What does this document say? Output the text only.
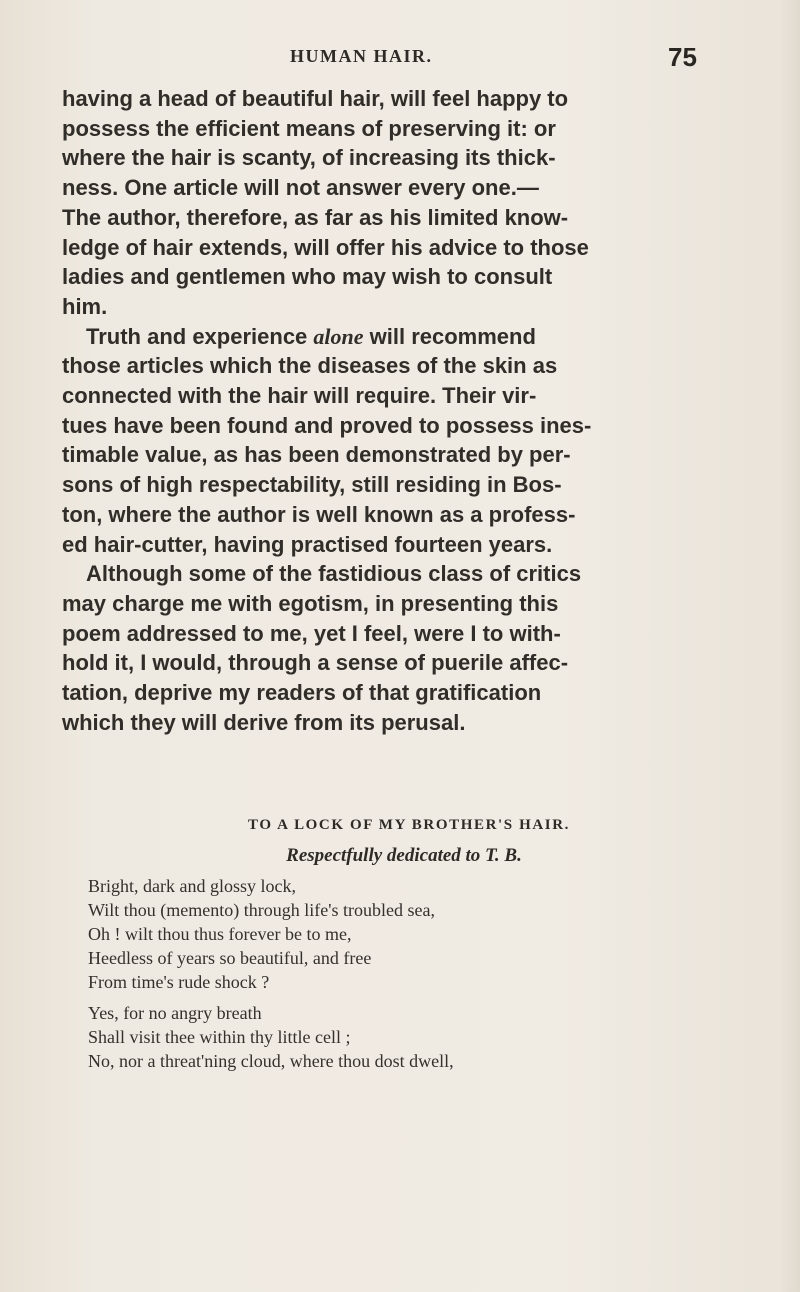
HUMAN HAIR.	75
having a head of beautiful hair, will feel happy to
possess the efficient means of preserving it: or
where the hair is scanty, of increasing its thick-
ness. One article will not answer every one.—
The author, therefore, as far as his limited know-
ledge of hair extends, will offer his advice to those
ladies and gentlemen who may wish to consult
him.
Truth and experience alone will recommend
those articles which the diseases of the skin as
connected with the hair will require. Their vir-
tues have been found and proved to possess ines-
timable value, as has been demonstrated by per-
sons of high respectability, still residing in Bos-
ton, where the author is well known as a profess-
ed hair-cutter, having practised fourteen years.
Although some of the fastidious class of critics
may charge me with egotism, in presenting this
poem addressed to me, yet I feel, were I to with-
hold it, I would, through a sense of puerile affec-
tation, deprive my readers of that gratification
which they will derive from its perusal.
TO A LOCK OF MY BROTHER'S HAIR.
Respectfully dedicated to T. B.
Bright, dark and glossy lock,
Wilt thou (memento) through life's troubled sea,
Oh ! wilt thou thus forever be to me,
Heedless of years so beautiful, and free
From time's rude shock ?
Yes, for no angry breath
Shall visit thee within thy little cell ;
No, nor a threat'ning cloud, where thou dost dwell,
